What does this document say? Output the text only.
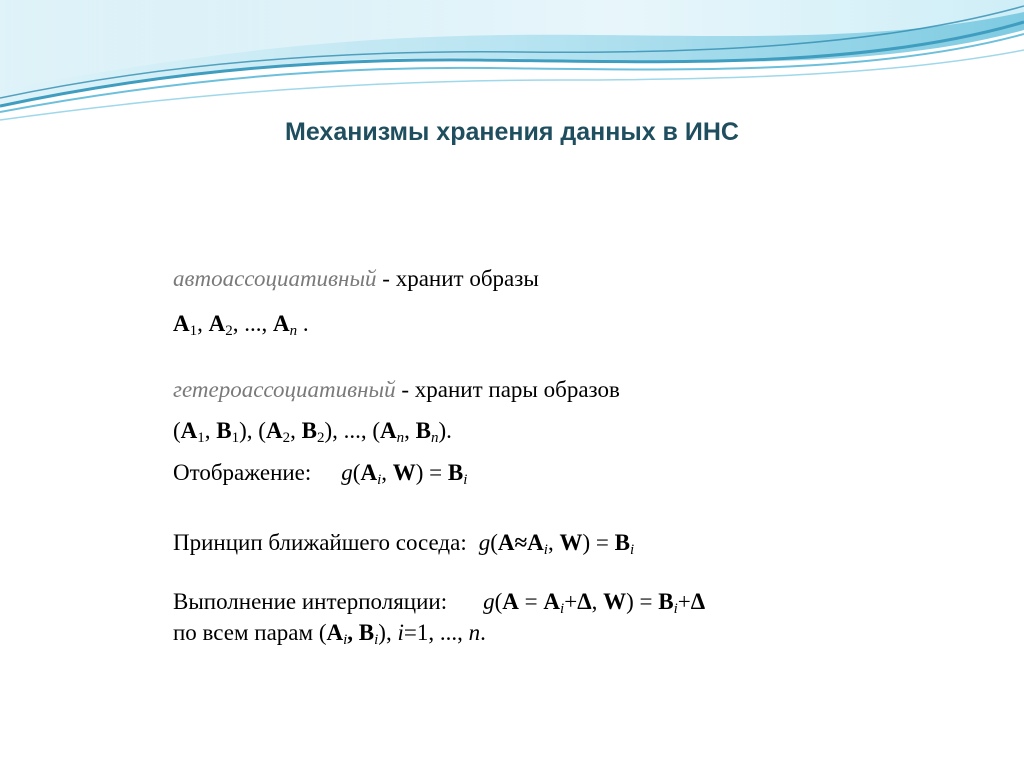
Механизмы хранения данных в ИНС
автоассоциативный - хранит образы
$A_1$, $A_2$, ..., $A_n$ .
гетероассоциативный - хранит пары образов
($A_1$, $B_1$), ($A_2$, $B_2$), ..., ($A_n$, $B_n$).
Отображение: $g(A_i$, $W) = B_i$
Принцип ближайшего соседа: $g(A\approx A_i$, $W) = B_i$
Выполнение интерполяции: $g(A = A_i+\Delta$, $W) = B_i+\Delta$
по всем парам ($A_i$, $B_i$), i=1, ..., n.
